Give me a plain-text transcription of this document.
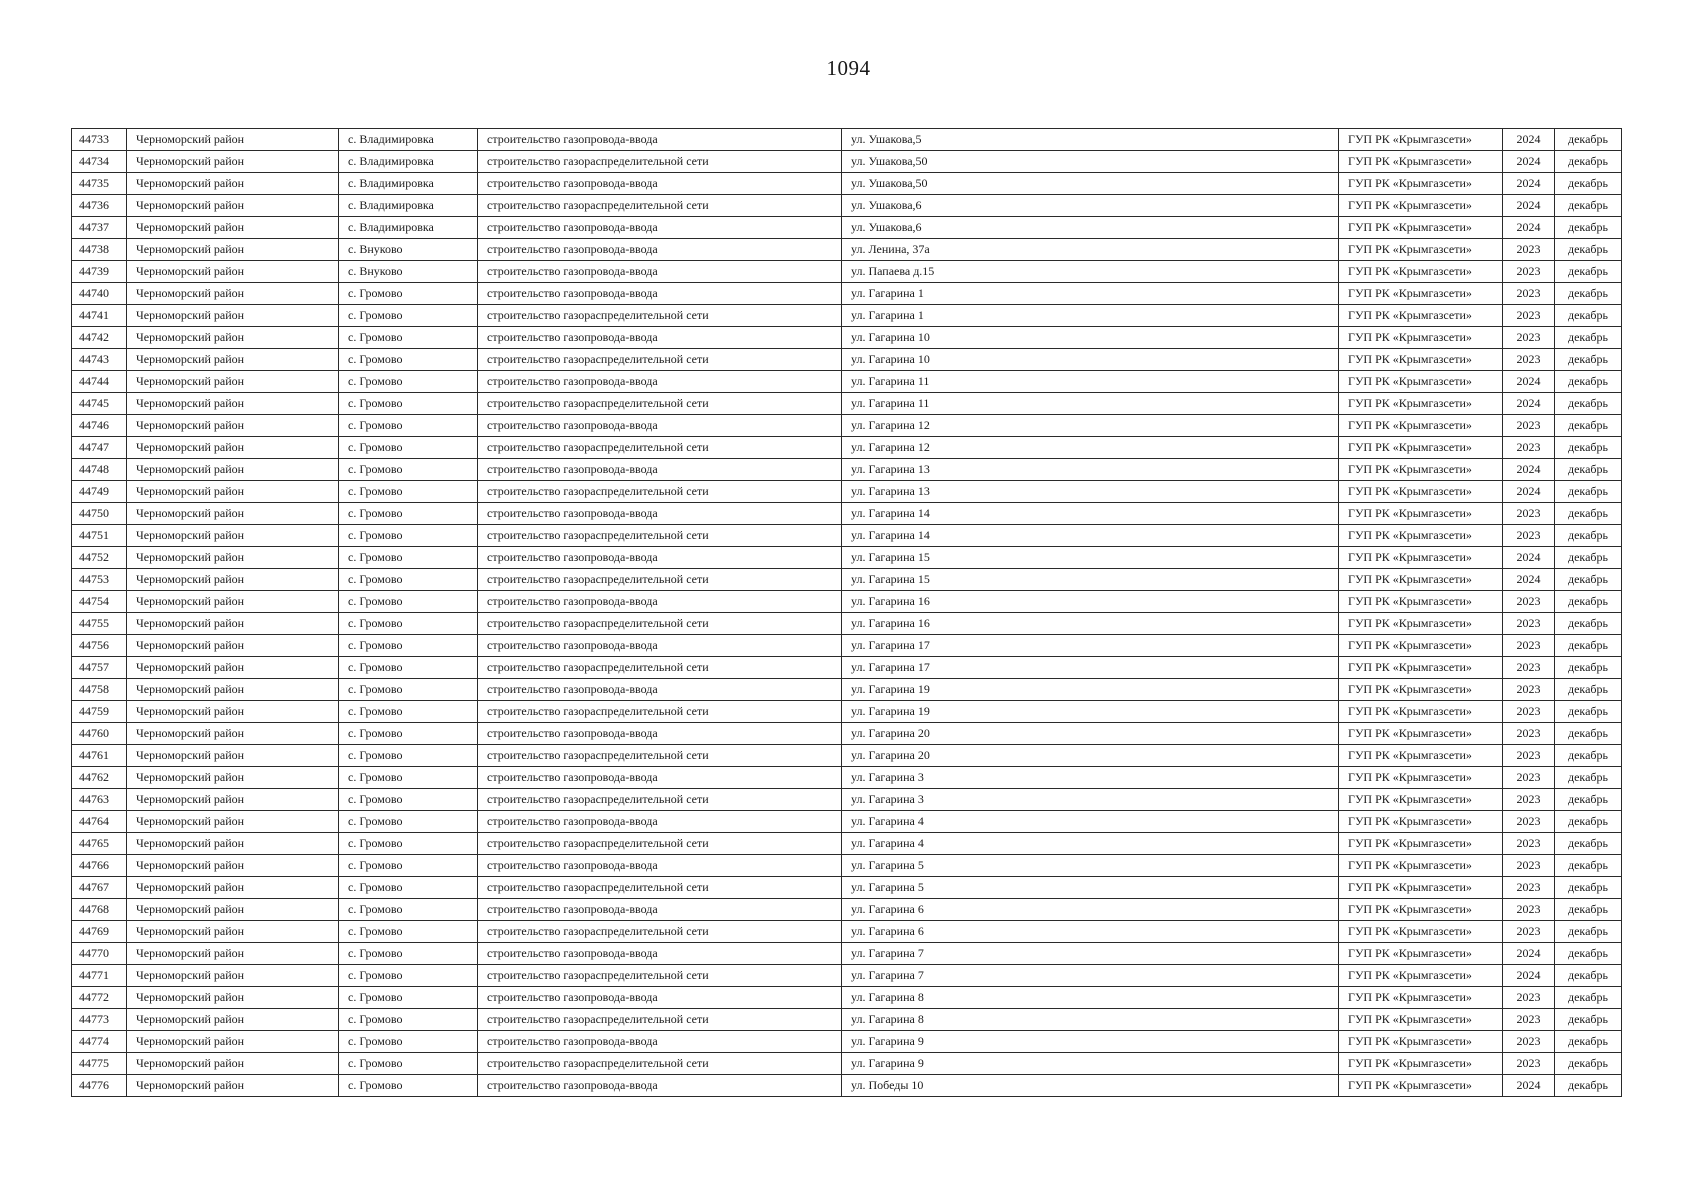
1094
44733	Черноморский район	с. Владимировка	строительство газопровода-ввода	ул. Ушакова,5	ГУП РК «Крымгазсети»	2024	декабрь
44734	Черноморский район	с. Владимировка	строительство газораспределительной сети	ул. Ушакова,50	ГУП РК «Крымгазсети»	2024	декабрь
44735	Черноморский район	с. Владимировка	строительство газопровода-ввода	ул. Ушакова,50	ГУП РК «Крымгазсети»	2024	декабрь
44736	Черноморский район	с. Владимировка	строительство газораспределительной сети	ул. Ушакова,6	ГУП РК «Крымгазсети»	2024	декабрь
44737	Черноморский район	с. Владимировка	строительство газопровода-ввода	ул. Ушакова,6	ГУП РК «Крымгазсети»	2024	декабрь
44738	Черноморский район	с. Внуково	строительство газопровода-ввода	ул. Ленина, 37а	ГУП РК «Крымгазсети»	2023	декабрь
44739	Черноморский район	с. Внуково	строительство газопровода-ввода	ул. Папаева д.15	ГУП РК «Крымгазсети»	2023	декабрь
44740	Черноморский район	с. Громово	строительство газопровода-ввода	ул. Гагарина 1	ГУП РК «Крымгазсети»	2023	декабрь
44741	Черноморский район	с. Громово	строительство газораспределительной сети	ул. Гагарина 1	ГУП РК «Крымгазсети»	2023	декабрь
44742	Черноморский район	с. Громово	строительство газопровода-ввода	ул. Гагарина 10	ГУП РК «Крымгазсети»	2023	декабрь
44743	Черноморский район	с. Громово	строительство газораспределительной сети	ул. Гагарина 10	ГУП РК «Крымгазсети»	2023	декабрь
44744	Черноморский район	с. Громово	строительство газопровода-ввода	ул. Гагарина 11	ГУП РК «Крымгазсети»	2024	декабрь
44745	Черноморский район	с. Громово	строительство газораспределительной сети	ул. Гагарина 11	ГУП РК «Крымгазсети»	2024	декабрь
44746	Черноморский район	с. Громово	строительство газопровода-ввода	ул. Гагарина 12	ГУП РК «Крымгазсети»	2023	декабрь
44747	Черноморский район	с. Громово	строительство газораспределительной сети	ул. Гагарина 12	ГУП РК «Крымгазсети»	2023	декабрь
44748	Черноморский район	с. Громово	строительство газопровода-ввода	ул. Гагарина 13	ГУП РК «Крымгазсети»	2024	декабрь
44749	Черноморский район	с. Громово	строительство газораспределительной сети	ул. Гагарина 13	ГУП РК «Крымгазсети»	2024	декабрь
44750	Черноморский район	с. Громово	строительство газопровода-ввода	ул. Гагарина 14	ГУП РК «Крымгазсети»	2023	декабрь
44751	Черноморский район	с. Громово	строительство газораспределительной сети	ул. Гагарина 14	ГУП РК «Крымгазсети»	2023	декабрь
44752	Черноморский район	с. Громово	строительство газопровода-ввода	ул. Гагарина 15	ГУП РК «Крымгазсети»	2024	декабрь
44753	Черноморский район	с. Громово	строительство газораспределительной сети	ул. Гагарина 15	ГУП РК «Крымгазсети»	2024	декабрь
44754	Черноморский район	с. Громово	строительство газопровода-ввода	ул. Гагарина 16	ГУП РК «Крымгазсети»	2023	декабрь
44755	Черноморский район	с. Громово	строительство газораспределительной сети	ул. Гагарина 16	ГУП РК «Крымгазсети»	2023	декабрь
44756	Черноморский район	с. Громово	строительство газопровода-ввода	ул. Гагарина 17	ГУП РК «Крымгазсети»	2023	декабрь
44757	Черноморский район	с. Громово	строительство газораспределительной сети	ул. Гагарина 17	ГУП РК «Крымгазсети»	2023	декабрь
44758	Черноморский район	с. Громово	строительство газопровода-ввода	ул. Гагарина 19	ГУП РК «Крымгазсети»	2023	декабрь
44759	Черноморский район	с. Громово	строительство газораспределительной сети	ул. Гагарина 19	ГУП РК «Крымгазсети»	2023	декабрь
44760	Черноморский район	с. Громово	строительство газопровода-ввода	ул. Гагарина 20	ГУП РК «Крымгазсети»	2023	декабрь
44761	Черноморский район	с. Громово	строительство газораспределительной сети	ул. Гагарина 20	ГУП РК «Крымгазсети»	2023	декабрь
44762	Черноморский район	с. Громово	строительство газопровода-ввода	ул. Гагарина 3	ГУП РК «Крымгазсети»	2023	декабрь
44763	Черноморский район	с. Громово	строительство газораспределительной сети	ул. Гагарина 3	ГУП РК «Крымгазсети»	2023	декабрь
44764	Черноморский район	с. Громово	строительство газопровода-ввода	ул. Гагарина 4	ГУП РК «Крымгазсети»	2023	декабрь
44765	Черноморский район	с. Громово	строительство газораспределительной сети	ул. Гагарина 4	ГУП РК «Крымгазсети»	2023	декабрь
44766	Черноморский район	с. Громово	строительство газопровода-ввода	ул. Гагарина 5	ГУП РК «Крымгазсети»	2023	декабрь
44767	Черноморский район	с. Громово	строительство газораспределительной сети	ул. Гагарина 5	ГУП РК «Крымгазсети»	2023	декабрь
44768	Черноморский район	с. Громово	строительство газопровода-ввода	ул. Гагарина 6	ГУП РК «Крымгазсети»	2023	декабрь
44769	Черноморский район	с. Громово	строительство газораспределительной сети	ул. Гагарина 6	ГУП РК «Крымгазсети»	2023	декабрь
44770	Черноморский район	с. Громово	строительство газопровода-ввода	ул. Гагарина 7	ГУП РК «Крымгазсети»	2024	декабрь
44771	Черноморский район	с. Громово	строительство газораспределительной сети	ул. Гагарина 7	ГУП РК «Крымгазсети»	2024	декабрь
44772	Черноморский район	с. Громово	строительство газопровода-ввода	ул. Гагарина 8	ГУП РК «Крымгазсети»	2023	декабрь
44773	Черноморский район	с. Громово	строительство газораспределительной сети	ул. Гагарина 8	ГУП РК «Крымгазсети»	2023	декабрь
44774	Черноморский район	с. Громово	строительство газопровода-ввода	ул. Гагарина 9	ГУП РК «Крымгазсети»	2023	декабрь
44775	Черноморский район	с. Громово	строительство газораспределительной сети	ул. Гагарина 9	ГУП РК «Крымгазсети»	2023	декабрь
44776	Черноморский район	с. Громово	строительство газопровода-ввода	ул. Победы 10	ГУП РК «Крымгазсети»	2024	декабрь
